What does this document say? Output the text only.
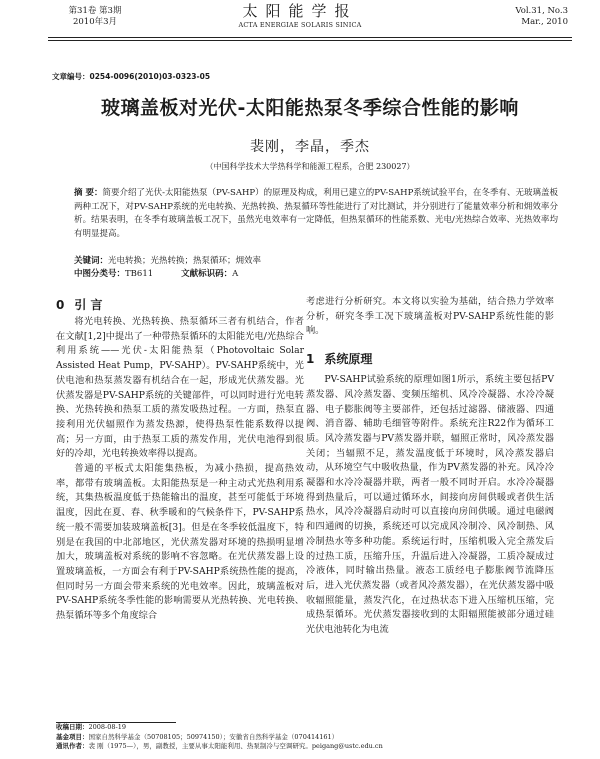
第31卷 第3期
2010年3月
太阳能学报
ACTA ENERGIAE SOLARIS SINICA
Vol.31, No.3
Mar., 2010
文章编号：0254-0096(2010)03-0323-05
玻璃盖板对光伏-太阳能热泵冬季综合性能的影响
裴刚，李晶，季杰
（中国科学技术大学热科学和能源工程系，合肥 230027）
摘 要：简要介绍了光伏-太阳能热泵（PV-SAHP）的原理及构成，利用已建立的PV-SAHP系统试验平台，在冬季有、无玻璃盖板两种工况下，对PV-SAHP系统的光电转换、光热转换、热泵循环等性能进行了对比测试，并分别进行了能量效率分析和㶲效率分析。结果表明，在冬季有玻璃盖板工况下，虽然光电效率有一定降低，但热泵循环的性能系数、光电/光热综合效率、光热效率均有明显提高。
关键词：光电转换；光热转换；热泵循环；㶲效率
中图分类号：TB611	文献标识码：A
0 引 言

将光电转换、光热转换、热泵循环三者有机结合，作者在文献[1,2]中提出了一种带热泵循环的太阳能光电/光热综合利用系统——光伏-太阳能热泵（Photovoltaic Solar Assisted Heat Pump，PV-SAHP）。PV-SAHP系统中，光伏电池和热泵蒸发器有机结合在一起，形成光伏蒸发器。光伏蒸发器是PV-SAHP系统的关键部件，可以同时进行光电转换、光热转换和热泵工质的蒸发吸热过程。一方面，热泵直接利用光伏辐照作为蒸发热源，使得热泵性能系数得以提高；另一方面，由于热泵工质的蒸发作用，光伏电池得到很好的冷却，光电转换效率得以提高。

普通的平板式太阳能集热板，为减小热损，提高热效率，都带有玻璃盖板。太阳能热泵是一种主动式光热利用系统，其集热板温度低于热能输出的温度，甚至可能低于环境温度，因此在夏、春、秋季暖和的气候条件下，PV-SAHP系统一般不需要加装玻璃盖板[3]。但是在冬季较低温度下，特别是在我国的中北部地区，光伏蒸发器对环境的热损明显增加大，玻璃盖板对系统的影响不容忽略。在光伏蒸发器上设置玻璃盖板，一方面会有利于PV-SAHP系统热性能的提高，但同时另一方面会带来系统的光电效率。因此，玻璃盖板对PV-SAHP系统冬季性能的影响需要从光热转换、光电转换、热泵循环等多个角度综合

考虑进行分析研究。本文将以实验为基础，结合热力学效率分析，研究冬季工况下玻璃盖板对PV-SAHP系统性能的影响。

1 系统原理

PV-SAHP试验系统的原理如图1所示，系统主要包括PV蒸发器、风冷蒸发器、变频压缩机、风冷冷凝器、水冷冷凝器、电子膨胀阀等主要部件，还包括过滤器、储液器、四通阀、消音器、辅助毛细管等附件。系统充注R22作为循环工质。风冷蒸发器与PV蒸发器并联，辐照正常时，风冷蒸发器关闭；当辐照不足，蒸发温度低于环境时，风冷蒸发器启动，从环境空气中吸收热量，作为PV蒸发器的补充。风冷冷凝器和水冷冷凝器并联，两者一般不同时开启。水冷冷凝器得到热量后，可以通过循环水，间接向房间供暖或者供生活热水，风冷冷凝器启动时可以直接向房间供暖。通过电磁阀和四通阀的切换，系统还可以完成风冷制冷、风冷制热、风冷制热水等多种功能。系统运行时，压缩机吸入完全蒸发后的过热工质，压缩升压，升温后进入冷凝器，工质冷凝成过冷液体，同时输出热量。液态工质经电子膨胀阀节流降压后，进入光伏蒸发器（或者风冷蒸发器），在光伏蒸发器中吸收辐照能量，蒸发汽化，在过热状态下进入压缩机压缩，完成热泵循环。光伏蒸发器接收到的太阳辐照能被部分通过硅光伏电池转化为电流

收稿日期：2008-08-19
基金项目：国家自然科学基金（50708105；50974150）；安徽省自然科学基金（070414161）
通讯作者：裴 刚（1975—），男，副教授，主要从事太阳能利用、热泵制冷与空调研究。peigang@ustc.edu.cn
